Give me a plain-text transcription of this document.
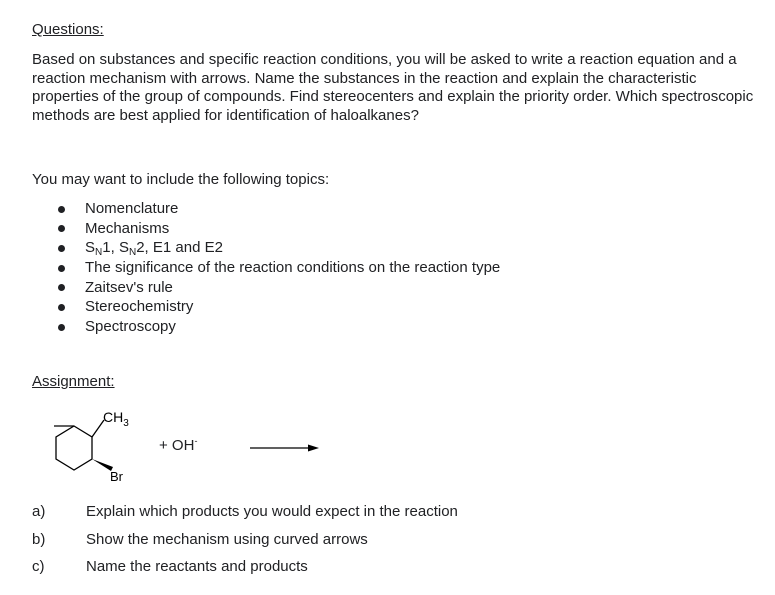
Questions:
Based on substances and specific reaction conditions, you will be asked to write a reaction equation and a reaction mechanism with arrows. Name the substances in the reaction and explain the characteristic properties of the group of compounds. Find stereocenters and explain the priority order. Which spectroscopic methods are best applied for identification of haloalkanes?
You may want to include the following topics:
Nomenclature
Mechanisms
$S_N1$, $S_N2$, E1 and E2
The significance of the reaction conditions on the reaction type
Zaitsev's rule
Stereochemistry
Spectroscopy
Assignment:
$CH_3$
Br
+ OH-
a)	Explain which products you would expect in the reaction
b)	Show the mechanism using curved arrows
c)	Name the reactants and products
